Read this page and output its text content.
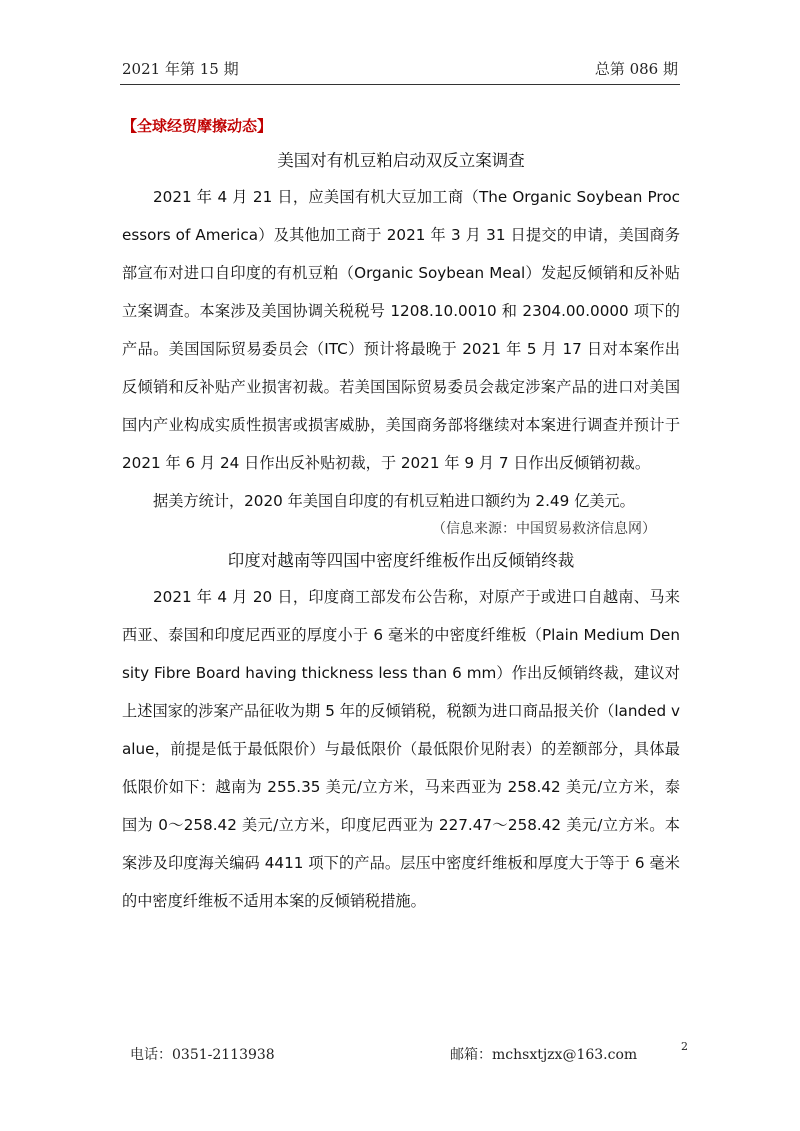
2021 年第 15 期	总第 086 期
【全球经贸摩擦动态】
美国对有机豆粕启动双反立案调查

2021 年 4 月 21 日，应美国有机大豆加工商（The Organic Soybean Processors of America）及其他加工商于 2021 年 3 月 31 日提交的申请，美国商务部宣布对进口自印度的有机豆粕（Organic Soybean Meal）发起反倾销和反补贴立案调查。本案涉及美国协调关税税号 1208.10.0010 和 2304.00.0000 项下的产品。美国国际贸易委员会（ITC）预计将最晚于 2021 年 5 月 17 日对本案作出反倾销和反补贴产业损害初裁。若美国国际贸易委员会裁定涉案产品的进口对美国国内产业构成实质性损害或损害威胁，美国商务部将继续对本案进行调查并预计于 2021 年 6 月 24 日作出反补贴初裁，于 2021 年 9 月 7 日作出反倾销初裁。

据美方统计，2020 年美国自印度的有机豆粕进口额约为 2.49 亿美元。

（信息来源：中国贸易救济信息网）
印度对越南等四国中密度纤维板作出反倾销终裁

2021 年 4 月 20 日，印度商工部发布公告称，对原产于或进口自越南、马来西亚、泰国和印度尼西亚的厚度小于 6 毫米的中密度纤维板（Plain Medium Density Fibre Board having thickness less than 6 mm）作出反倾销终裁，建议对上述国家的涉案产品征收为期 5 年的反倾销税，税额为进口商品报关价（landed value，前提是低于最低限价）与最低限价（最低限价见附表）的差额部分，具体最低限价如下：越南为 255.35 美元/立方米，马来西亚为 258.42 美元/立方米，泰国为 0～258.42 美元/立方米，印度尼西亚为 227.47～258.42 美元/立方米。本案涉及印度海关编码 4411 项下的产品。层压中密度纤维板和厚度大于等于 6 毫米的中密度纤维板不适用本案的反倾销税措施。

电话：0351-2113938	邮箱：mchsxtjzx@163.com
2
